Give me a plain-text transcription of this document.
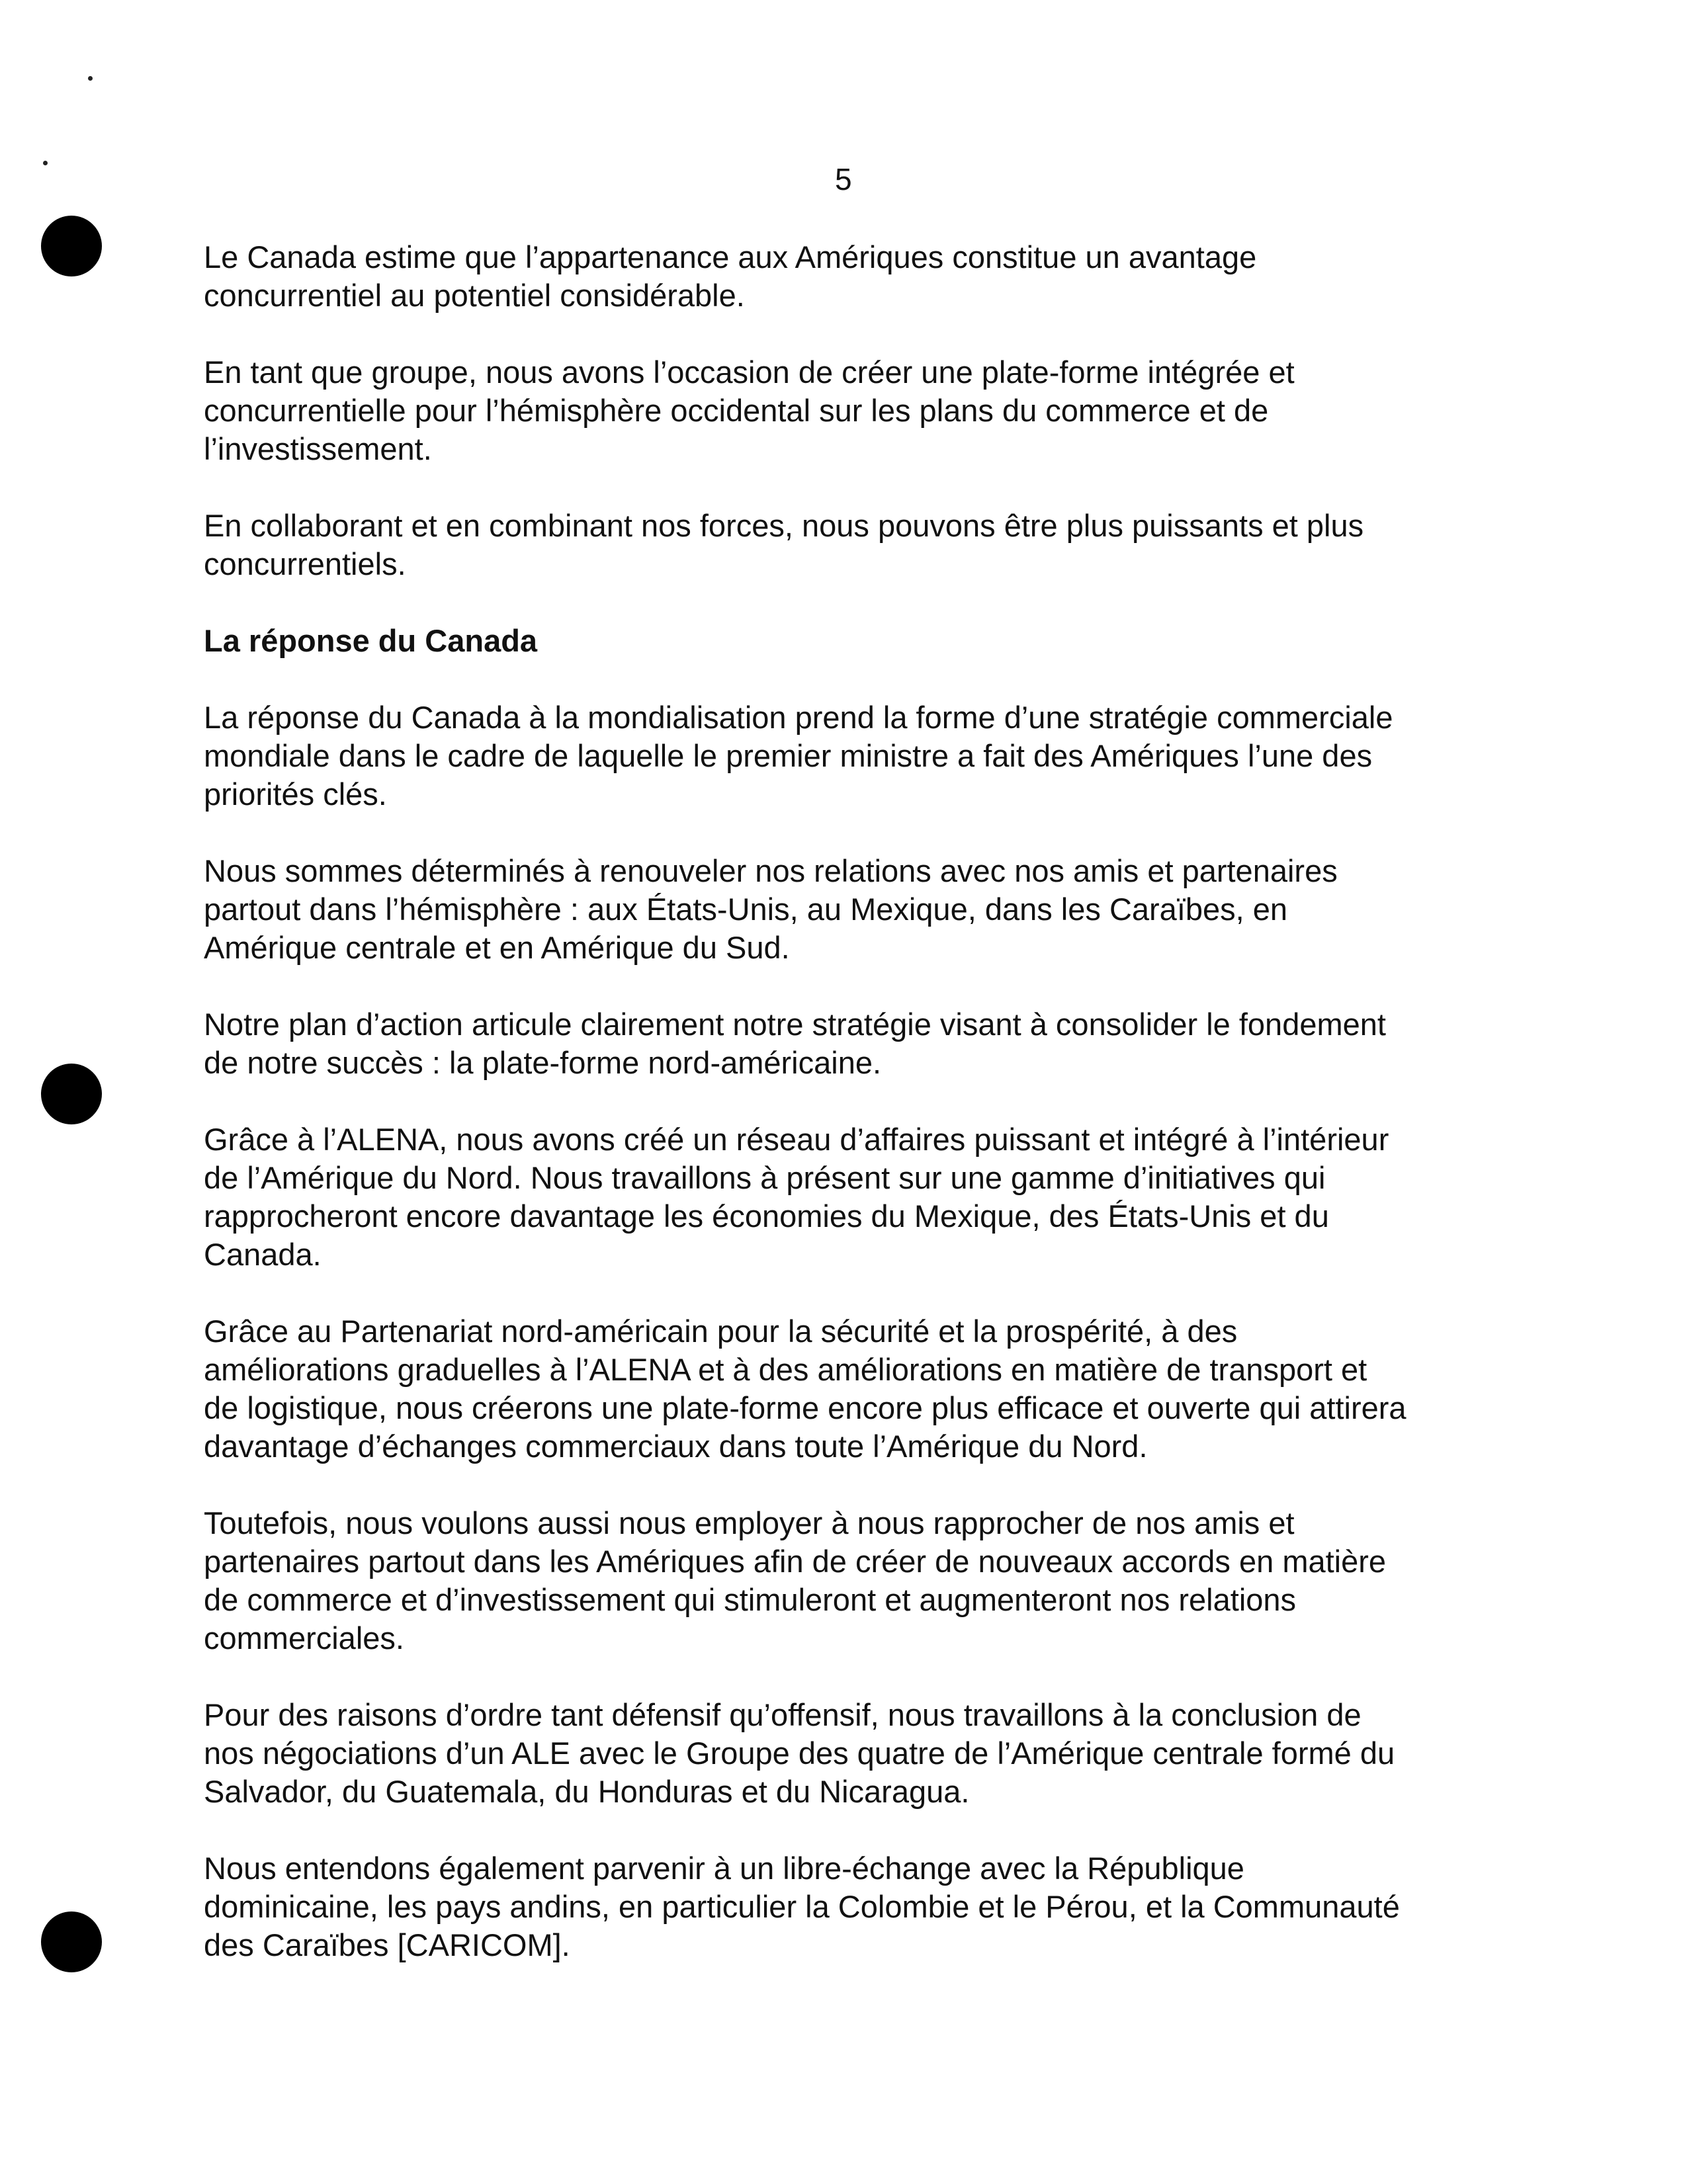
5

Le Canada estime que l’appartenance aux Amériques constitue un avantage
concurrentiel au potentiel considérable.

En tant que groupe, nous avons l’occasion de créer une plate-forme intégrée et
concurrentielle pour l’hémisphère occidental sur les plans du commerce et de
l’investissement.

En collaborant et en combinant nos forces, nous pouvons être plus puissants et plus
concurrentiels.

La réponse du Canada

La réponse du Canada à la mondialisation prend la forme d’une stratégie commerciale
mondiale dans le cadre de laquelle le premier ministre a fait des Amériques l’une des
priorités clés.

Nous sommes déterminés à renouveler nos relations avec nos amis et partenaires
partout dans l’hémisphère : aux États-Unis, au Mexique, dans les Caraïbes, en
Amérique centrale et en Amérique du Sud.

Notre plan d’action articule clairement notre stratégie visant à consolider le fondement
de notre succès : la plate-forme nord-américaine.

Grâce à l’ALENA, nous avons créé un réseau d’affaires puissant et intégré à l’intérieur
de l’Amérique du Nord. Nous travaillons à présent sur une gamme d’initiatives qui
rapprocheront encore davantage les économies du Mexique, des États-Unis et du
Canada.

Grâce au Partenariat nord-américain pour la sécurité et la prospérité, à des
améliorations graduelles à l’ALENA et à des améliorations en matière de transport et
de logistique, nous créerons une plate-forme encore plus efficace et ouverte qui attirera
davantage d’échanges commerciaux dans toute l’Amérique du Nord.

Toutefois, nous voulons aussi nous employer à nous rapprocher de nos amis et
partenaires partout dans les Amériques afin de créer de nouveaux accords en matière
de commerce et d’investissement qui stimuleront et augmenteront nos relations
commerciales.

Pour des raisons d’ordre tant défensif qu’offensif, nous travaillons à la conclusion de
nos négociations d’un ALE avec le Groupe des quatre de l’Amérique centrale formé du
Salvador, du Guatemala, du Honduras et du Nicaragua.

Nous entendons également parvenir à un libre-échange avec la République
dominicaine, les pays andins, en particulier la Colombie et le Pérou, et la Communauté
des Caraïbes [CARICOM].
